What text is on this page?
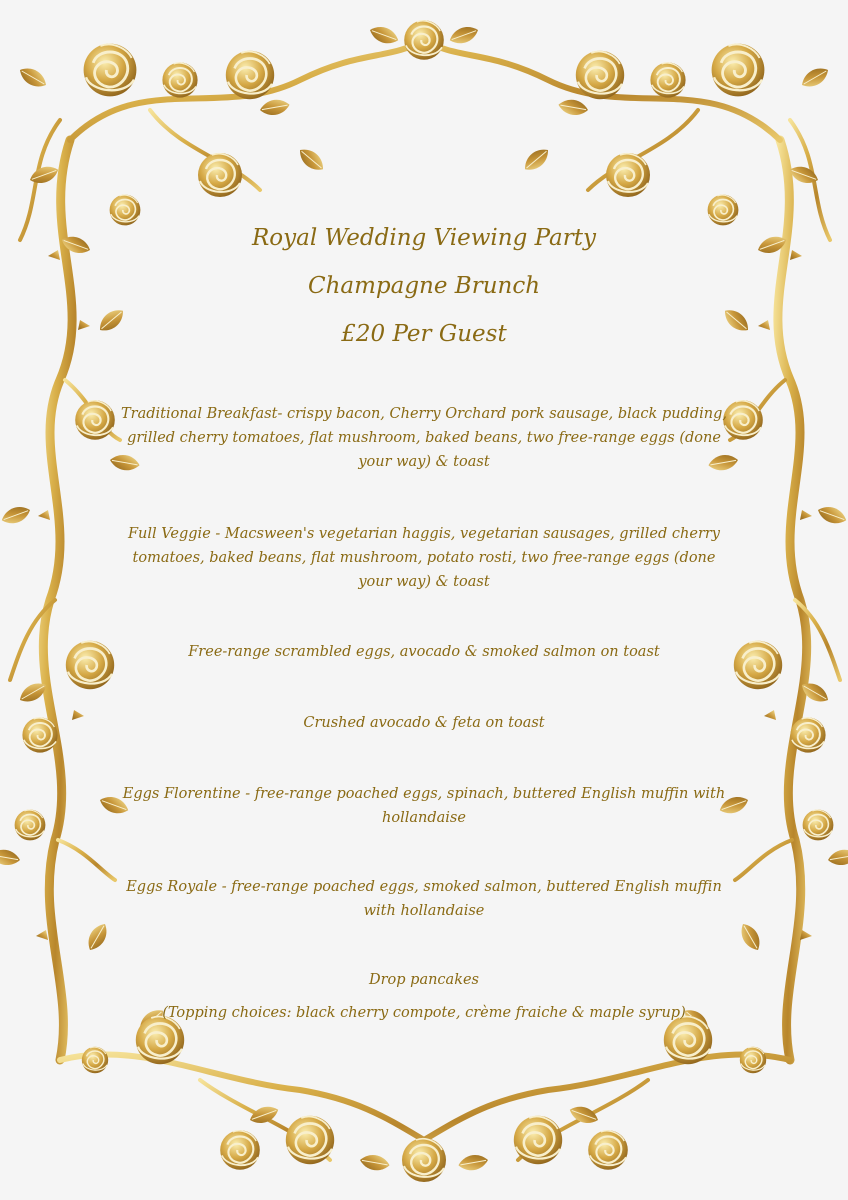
Royal Wedding Viewing Party

Champagne Brunch

£20 Per Guest

Traditional Breakfast- crispy bacon, Cherry Orchard pork sausage, black pudding, grilled cherry tomatoes, flat mushroom, baked beans, two free-range eggs (done your way) & toast
Full Veggie - Macsween's vegetarian haggis, vegetarian sausages, grilled cherry tomatoes, baked beans, flat mushroom, potato rosti, two free-range eggs (done your way) & toast
Free-range scrambled eggs, avocado & smoked salmon on toast
Crushed avocado & feta on toast
Eggs Florentine - free-range poached eggs, spinach, buttered English muffin with hollandaise
Eggs Royale - free-range poached eggs, smoked salmon, buttered English muffin with hollandaise
Drop pancakes
(Topping choices: black cherry compote, crème fraiche & maple syrup)
